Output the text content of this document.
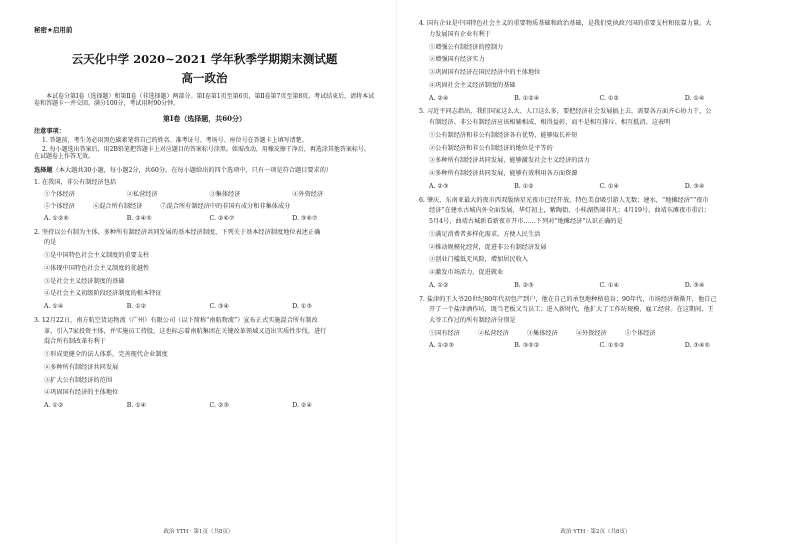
秘密★启用前
云天化中学 2020~2021 学年秋季学期期末测试题
高一政治
本试卷分第Ⅰ卷（选择题）和第Ⅱ卷（非选择题）两部分。第Ⅰ卷第1页至第6页，第Ⅱ卷第7页至第8页。考试结束后，请将本试卷和答题卡一并交回。满分100分，考试用时90分钟。
第Ⅰ卷（选择题，共60分）
注意事项：
1. 答题前，考生务必用黑色碳素笔将自己的姓名、准考证号、考场号、座位号在答题卡上填写清楚。
2. 每小题选出答案后，用2B铅笔把答题卡上对应题目的答案标号涂黑。如需改动，用橡皮擦干净后，再选涂其他答案标号。在试题卷上作答无效。
选择题（本大题共30小题，每小题2分，共60分。在每小题给出的四个选项中，只有一项是符合题目要求的）
1. 在我国，非公有制经济包括
①个体经济	②私营经济	③集体经济	④外资经济
⑤个体经济	⑥混合所有制经济	⑦混合所有制经济中的非国有成分和非集体成分
A. ①②⑥	B. ②④⑤	C. ②⑥⑦	D. ③⑥⑦
2. 坚持以公有制为主体、多种所有制经济共同发展的基本经济制度，下列关于基本经济制度地位表述正确
的是
①是中国特色社会主义制度的重要支柱
②体现中国特色社会主义制度的优越性
③是社会主义经济制度的基础
④是社会主义初级阶段经济制度的根本特征
A. ①④	B. ①②	C. ③④	D. ①③
3. 12月22日，南方航空货运物流（广州）有限公司（以下简称“南航物流”）宣布正式实施混合所有制改
革，引入7家投资主体，并实施员工持股，这也标志着南航集团在关键改革领域又迈出实质性步伐。进行
混合所有制改革有利于
①形成更健全的法人体系，完善现代企业制度
②多种所有制经济共同发展
③扩大公有制经济的范围
④巩固国有经济的主体地位
A. ①②	B. ①④	C. ②③	D. ②④
政治 YTH · 第1页（共8页）
4. 国有企业是中国特色社会主义的重要物质基础和政治基础，是我们党执政兴国的重要支柱和依靠力量。大
力发展国有企业有利于
①增强公有制经济的控制力
②增强国有经济实力
③巩固国有经济在国民经济中的主体地位
④巩固社会主义经济制度的基础
A. ②④	B. ①②④	C. ①②	D. ①④
5. 习近平同志指出，我们国家这么大、人口这么多，要把经济社会发展搞上去，需要各方面齐心协力干，公
有制经济、非公有制经济应该相辅相成、相得益彰，而不是相互排斥、相互抵消。这表明
①公有制经济和非公有制经济各有优势，能够取长补短
②公有制经济和非公有制经济的地位是平等的
③多种所有制经济共同发展，能够激发社会主义经济的活力
④多种所有制经济共同发展，能够有效利用各方面资源
A. ②③	B. ①②	C. ①④	D. ③④
6. 肇庆、东南亚最大的夜市西双版纳星光夜市已经开放，特色美食吸引游人无数；建水，“地摊经济”“夜市
经济”在建水古城内外全面发展，华灯初上，紫陶街、小桂湖热闹非凡；4月19号，曲靖东滩夜市重启；
5月4号，曲靖古城新看新夜市开市……下列对“地摊经济”认识正确的是
①满足消费者多样化需求，方便人民生活
②推动规模化经营，促进非公有制经济发展
③创业门槛低无风险，增加居民收入
④激发市场活力，促进就业
A. ①②	B. ②③	C. ①④	D. ③④
7. 盐津的王大爷20世纪80年代初包产到户，他在自己的承包地种植苞谷；90年代，市场经济渐渐开，他自己
开了一个盐津酒作坊，既当老板又当员工；进入新时代，他扩大了工作坊规模，雇工经营。在这期间，王
大爷工作过的所有制经济分别是
①国有经济	②私营经济	③集体经济	④外资经济	⑤个体经济
A. ①②③	B. ③⑤②	C. ①⑤②	D. ③④⑤
政治 YTH · 第2页（共8页）
